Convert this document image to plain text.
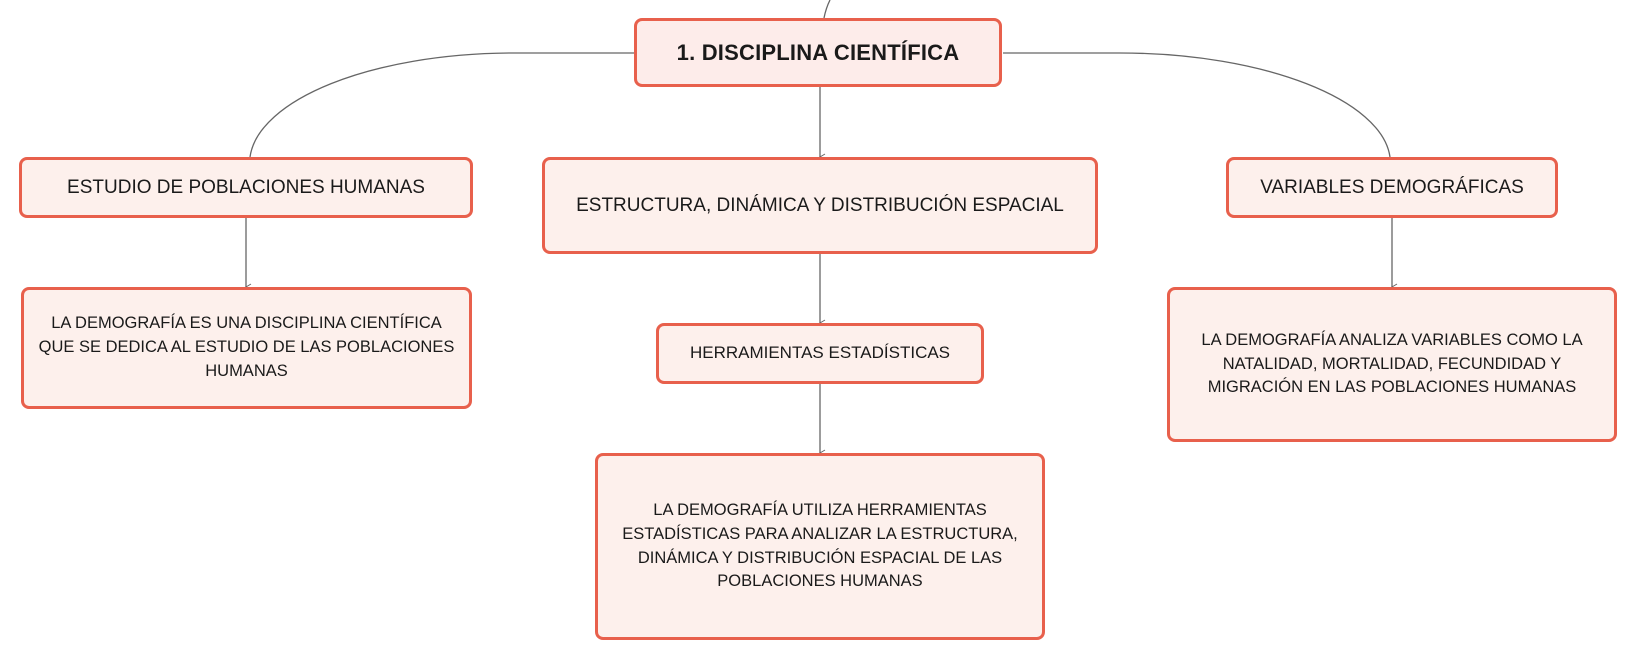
1. DISCIPLINA CIENTÍFICA
ESTUDIO DE POBLACIONES HUMANAS
ESTRUCTURA, DINÁMICA Y DISTRIBUCIÓN ESPACIAL
VARIABLES DEMOGRÁFICAS
LA DEMOGRAFÍA ES UNA DISCIPLINA CIENTÍFICA QUE SE DEDICA AL ESTUDIO DE LAS POBLACIONES HUMANAS
HERRAMIENTAS ESTADÍSTICAS
LA DEMOGRAFÍA UTILIZA HERRAMIENTAS ESTADÍSTICAS PARA ANALIZAR LA ESTRUCTURA, DINÁMICA Y DISTRIBUCIÓN ESPACIAL DE LAS POBLACIONES HUMANAS
LA DEMOGRAFÍA ANALIZA VARIABLES COMO LA NATALIDAD, MORTALIDAD, FECUNDIDAD Y MIGRACIÓN EN LAS POBLACIONES HUMANAS
